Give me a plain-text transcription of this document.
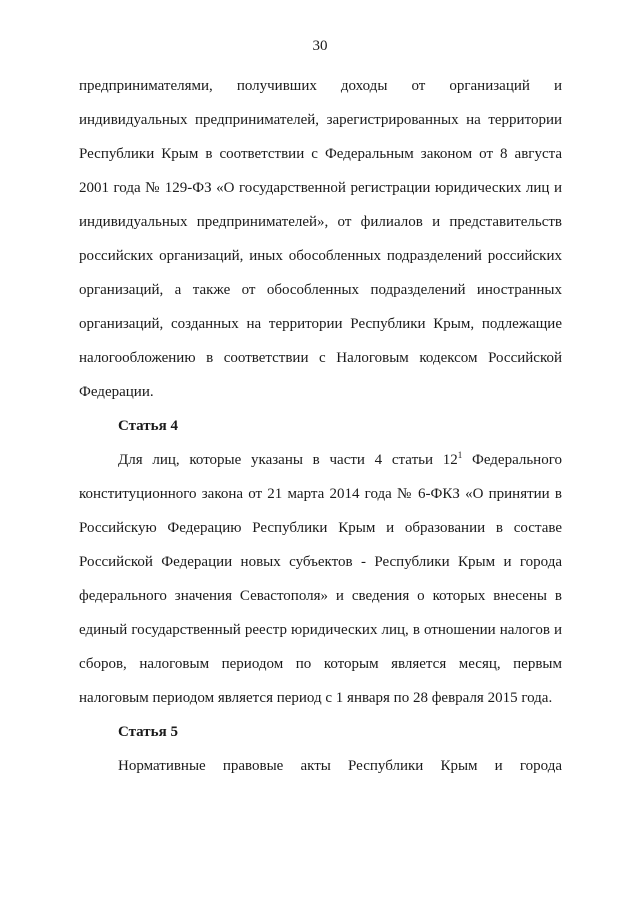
30

предпринимателями, получивших доходы от организаций и индивидуальных предпринимателей, зарегистрированных на территории Республики Крым в соответствии с Федеральным законом от 8 августа 2001 года № 129-ФЗ «О государственной регистрации юридических лиц и индивидуальных предпринимателей», от филиалов и представительств российских организаций, иных обособленных подразделений российских организаций, а также от обособленных подразделений иностранных организаций, созданных на территории Республики Крым, подлежащие налогообложению в соответствии с Налоговым кодексом Российской Федерации.

Статья 4

Для лиц, которые указаны в части 4 статьи $12^1$ Федерального конституционного закона от 21 марта 2014 года № 6-ФКЗ «О принятии в Российскую Федерацию Республики Крым и образовании в составе Российской Федерации новых субъектов - Республики Крым и города федерального значения Севастополя» и сведения о которых внесены в единый государственный реестр юридических лиц, в отношении налогов и сборов, налоговым периодом по которым является месяц, первым налоговым периодом является период с 1 января по 28 февраля 2015 года.

Статья 5

Нормативные правовые акты Республики Крым и города
